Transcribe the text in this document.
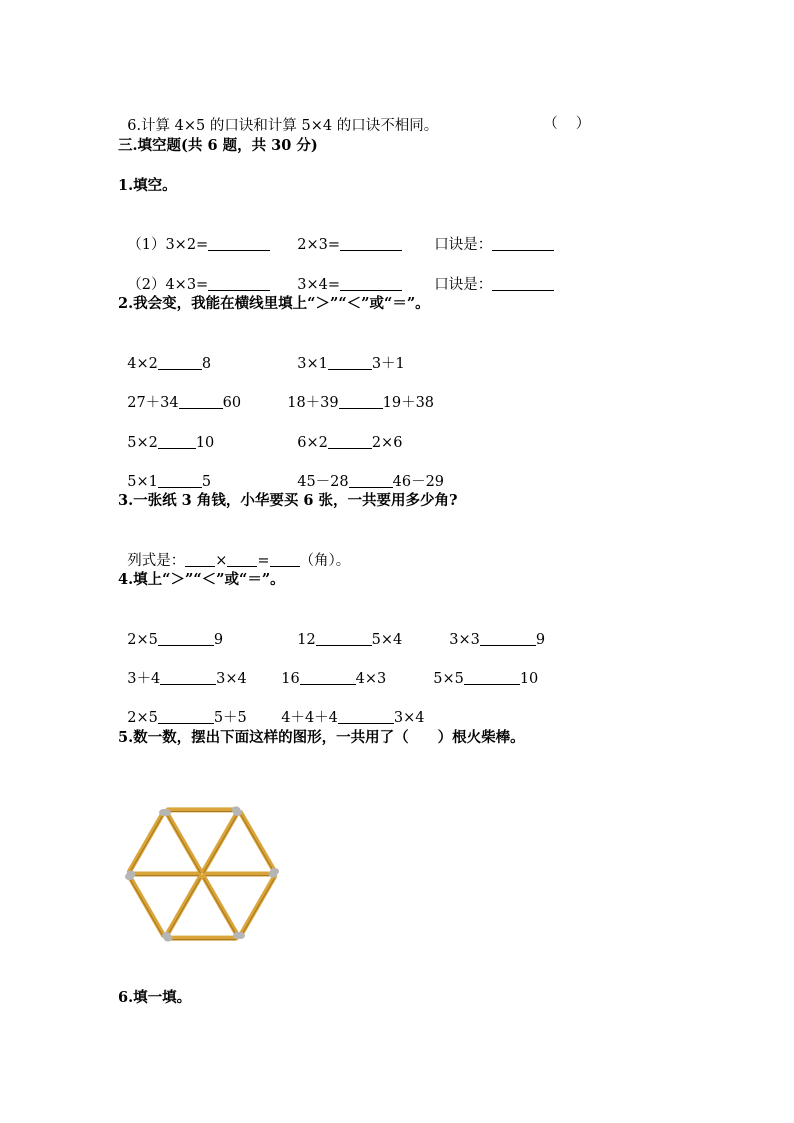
6.计算 4×5 的口诀和计算 5×4 的口诀不相同。	（ ）

三.填空题(共 6 题，共 30 分)
1.填空。

（1）3×2=	2×3=	口诀是：

（2）4×3=	3×4=	口诀是：

2.我会变，我能在横线里填上“＞”“＜”或“＝”。

4×2	8	3×1	3＋1

27＋34	60	18＋39	19＋38

5×2	10	6×2	2×6

5×1	5	45－28	46－29

3.一张纸 3 角钱，小华要买 6 张，一共要用多少角?

列式是： × = （角）。

4.填上“＞”“＜”或“＝”。

2×5	9	12	5×4	3×3	9

3＋4	3×4	16	4×3	5×5	10

2×5	5＋5	4＋4＋4	3×4

5.数一数，摆出下面这样的图形，一共用了（　　）根火柴棒。
6.填一填。
